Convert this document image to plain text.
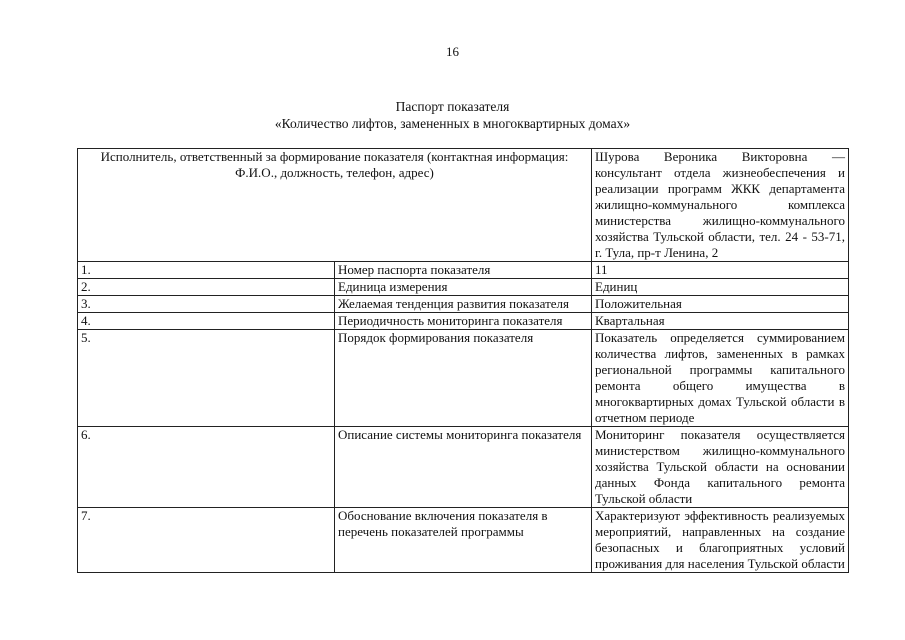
16
Паспорт показателя
«Количество лифтов, замененных в многоквартирных домах»
Исполнитель, ответственный за формирование показателя (контактная информация: Ф.И.О., должность, телефон, адрес)		Шурова Вероника Викторовна — консультант отдела жизнеобеспечения и реализации программ ЖКК департамента жилищно-коммунального комплекса министерства жилищно-коммунального хозяйства Тульской области, тел. 24 - 53-71, г. Тула, пр-т Ленина, 2
1.	Номер паспорта показателя	11
2.	Единица измерения	Единиц
3.	Желаемая тенденция развития показателя	Положительная
4.	Периодичность мониторинга показателя	Квартальная
5.	Порядок формирования показателя	Показатель определяется суммированием количества лифтов, замененных в рамках региональной программы капитального ремонта общего имущества в многоквартирных домах Тульской области в отчетном периоде
6.	Описание системы мониторинга показателя	Мониторинг показателя осуществляется министерством жилищно-коммунального хозяйства Тульской области на основании данных Фонда капитального ремонта Тульской области
7.	Обоснование включения показателя в перечень показателей программы	Характеризуют эффективность реализуемых мероприятий, направленных на создание безопасных и благоприятных условий проживания для населения Тульской области
